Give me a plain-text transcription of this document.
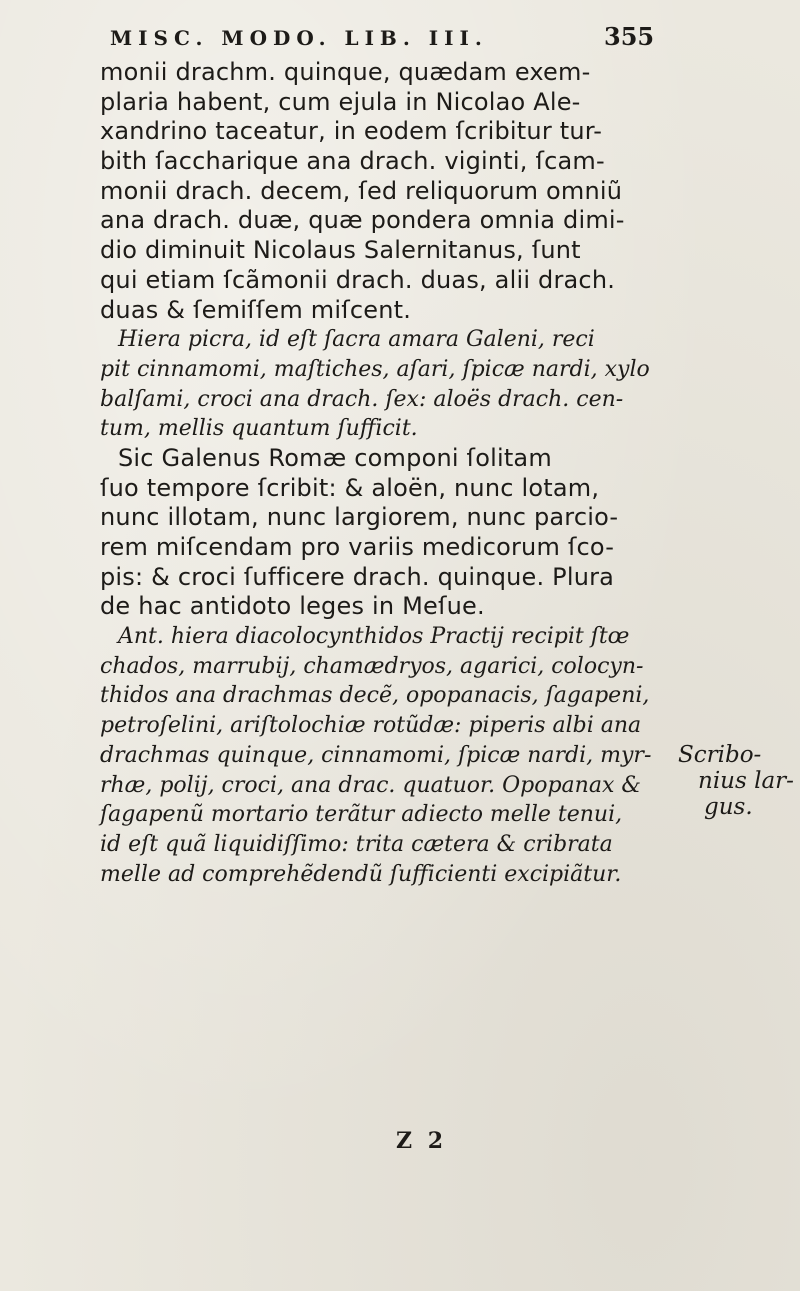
MISC. MODO. LIB. III.	355
monii drachm. quinque, quædam exem-
plaria habent, cum ejula in Nicolao Ale-
xandrino taceatur, in eodem ſcribitur tur-
bith ſaccharique ana drach. viginti, ſcam-
monii drach. decem, ſed reliquorum omniũ
ana drach. duæ, quæ pondera omnia dimi-
dio diminuit Nicolaus Salernitanus, ſunt
qui etiam ſcãmonii drach. duas, alii drach.
duas & ſemiſſem miſcent.
Hiera picra, id eſt ſacra amara Galeni, reci
pit cinnamomi, maſtiches, aſari, ſpicæ nardi, xylo
balſami, croci ana drach. ſex: aloës drach. cen-
tum, mellis quantum ſufficit.
Sic Galenus Romæ componi ſolitam
ſuo tempore ſcribit: & aloën, nunc lotam,
nunc illotam, nunc largiorem, nunc parcio-
rem miſcendam pro variis medicorum ſco-
pis: & croci ſufficere drach. quinque. Plura
de hac antidoto leges in Meſue.
Ant. hiera diacolocynthidos Practij recipit ſtœ
chados, marrubij, chamædryos, agarici, colocyn-
thidos ana drachmas decẽ, opopanacis, ſagapeni,
petroſelini, ariſtolochiæ rotũdæ: piperis albi ana
drachmas quinque, cinnamomi, ſpicæ nardi, myr-
rhæ, polij, croci, ana drac. quatuor. Opopanax &
ſagapenũ mortario terãtur adiecto melle tenui,
id eſt quã liquidiſſimo: trita cætera & cribrata
melle ad comprehẽdendũ ſufficienti excipiãtur.
Scribo-
nius lar-
gus.
Z 2
